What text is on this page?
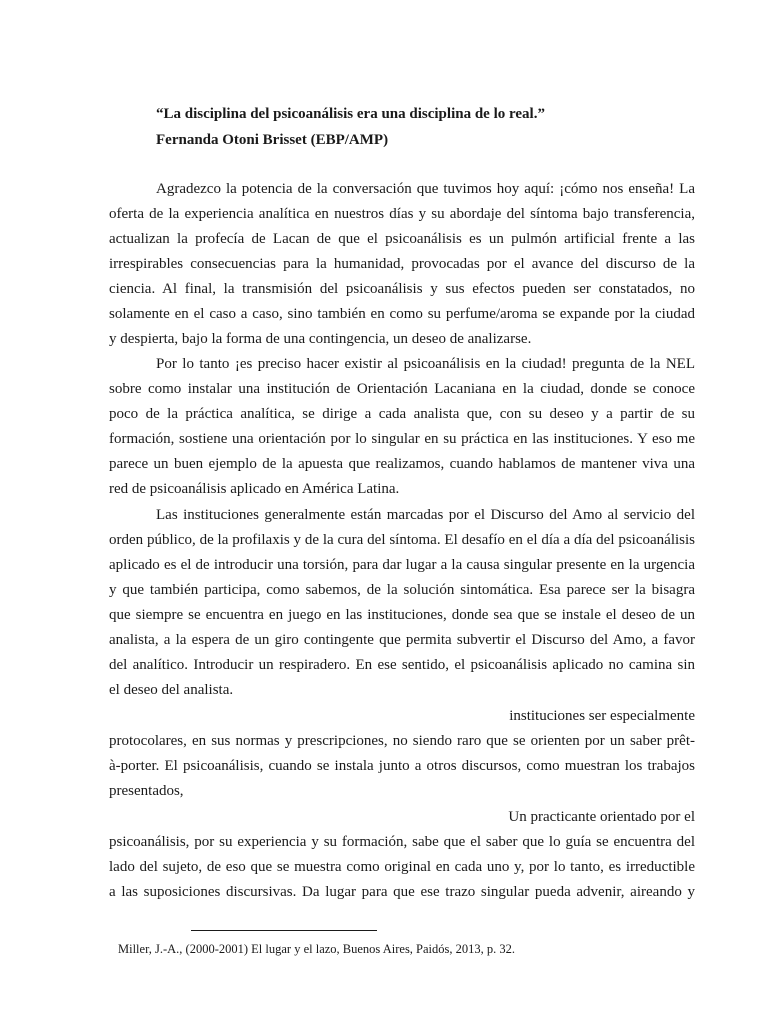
“La disciplina del psicoanálisis era una disciplina de lo real.”
Fernanda Otoni Brisset (EBP/AMP)
Agradezco la potencia de la conversación que tuvimos hoy aquí: ¡cómo nos enseña! La
oferta de la experiencia analítica en nuestros días y su abordaje del síntoma bajo transferencia,
actualizan la profecía de Lacan de que el psicoanálisis es un pulmón artificial frente a las
irrespirables consecuencias para la humanidad, provocadas por el avance del discurso de la
ciencia. Al final, la transmisión del psicoanálisis y sus efectos pueden ser constatados, no
solamente en el caso a caso, sino también en como su perfume/aroma se expande por la ciudad
y despierta, bajo la forma de una contingencia, un deseo de analizarse.
Por lo tanto ¡es preciso hacer existir al psicoanálisis en la ciudad! pregunta de la NEL
sobre como instalar una institución de Orientación Lacaniana en la ciudad, donde se conoce
poco de la práctica analítica, se dirige a cada analista que, con su deseo y a partir de su
formación, sostiene una orientación por lo singular en su práctica en las instituciones. Y eso me
parece un buen ejemplo de la apuesta que realizamos, cuando hablamos de mantener viva una
red de psicoanálisis aplicado en América Latina.
Las instituciones generalmente están marcadas por el Discurso del Amo al servicio del
orden público, de la profilaxis y de la cura del síntoma. El desafío en el día a día del psicoanálisis
aplicado es el de introducir una torsión, para dar lugar a la causa singular presente en la urgencia
y que también participa, como sabemos, de la solución sintomática. Esa parece ser la bisagra
que siempre se encuentra en juego en las instituciones, donde sea que se instale el deseo de un
analista, a la espera de un giro contingente que permita subvertir el Discurso del Amo, a favor
del analítico. Introducir un respiradero. En ese sentido, el psicoanálisis aplicado no camina sin
el deseo del analista.
instituciones ser especialmente
protocolares, en sus normas y prescripciones, no siendo raro que se orienten por un saber prêt-
à-porter. El psicoanálisis, cuando se instala junto a otros discursos, como muestran los trabajos
presentados,
Un practicante orientado por el
psicoanálisis, por su experiencia y su formación, sabe que el saber que lo guía se encuentra del
lado del sujeto, de eso que se muestra como original en cada uno y, por lo tanto, es irreductible
a las suposiciones discursivas. Da lugar para que ese trazo singular pueda advenir, aireando y
Miller, J.-A., (2000-2001) El lugar y el lazo, Buenos Aires, Paidós, 2013, p. 32.
